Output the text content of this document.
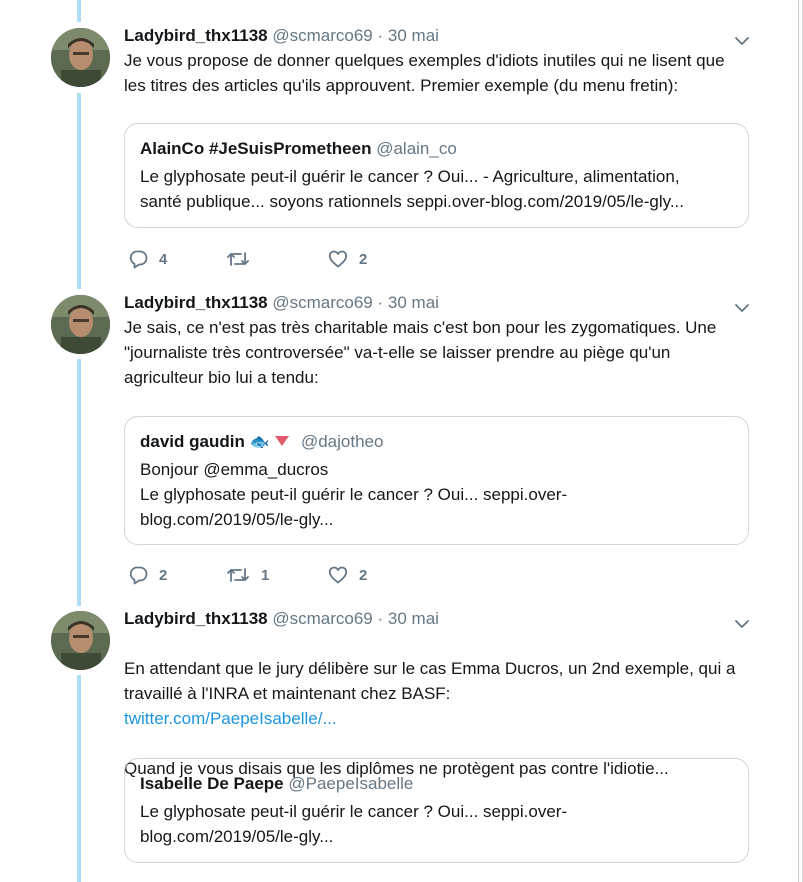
Ladybird_thx1138 @scmarco69 · 30 mai
Je vous propose de donner quelques exemples d'idiots inutiles qui ne lisent que
les titres des articles qu'ils approuvent. Premier exemple (du menu fretin):
AlainCo #JeSuisPrometheen @alain_co
Le glyphosate peut-il guérir le cancer ? Oui... - Agriculture, alimentation,
santé publique... soyons rationnels seppi.over-blog.com/2019/05/le-gly...
4	2
Ladybird_thx1138 @scmarco69 · 30 mai
Je sais, ce n'est pas très charitable mais c'est bon pour les zygomatiques. Une
"journaliste très controversée" va-t-elle se laisser prendre au piège qu'un
agriculteur bio lui a tendu:
david gaudin 🐟 @dajotheo
Bonjour @emma_ducros
Le glyphosate peut-il guérir le cancer ? Oui... seppi.over-
blog.com/2019/05/le-gly...
2	1	2
Ladybird_thx1138 @scmarco69 · 30 mai

En attendant que le jury délibère sur le cas Emma Ducros, un 2nd exemple, qui a
travaillé à l'INRA et maintenant chez BASF:

twitter.com/PaepeIsabelle/...

Quand je vous disais que les diplômes ne protègent pas contre l'idiotie...

Isabelle De Paepe @PaepeIsabelle
Le glyphosate peut-il guérir le cancer ? Oui... seppi.over-
blog.com/2019/05/le-gly...
